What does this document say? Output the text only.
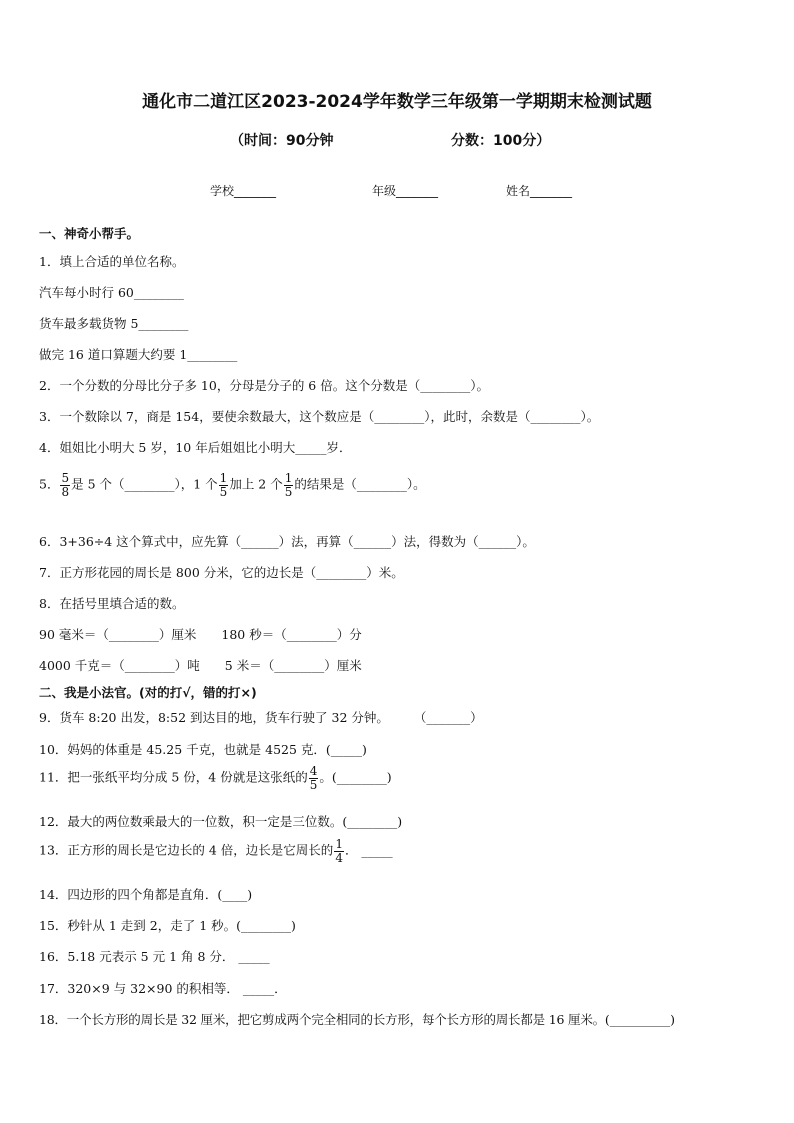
通化市二道江区2023-2024学年数学三年级第一学期期末检测试题
（时间：90分钟	分数：100分）
学校_______	年级_______	姓名_______
一、神奇小帮手。
1．填上合适的单位名称。
汽车每小时行 60________
货车最多载货物 5________
做完 16 道口算题大约要 1________
2．一个分数的分母比分子多 10，分母是分子的 6 倍。这个分数是（________）。
3．一个数除以 7，商是 154，要使余数最大，这个数应是（________），此时，余数是（________）。
4．姐姐比小明大 5 岁，10 年后姐姐比小明大_____岁．
5． $\frac{5}{8}$ 是 5 个（________），1 个 $\frac{1}{5}$ 加上 2 个 $\frac{1}{5}$ 的结果是（________）。
6．3+36÷4 这个算式中，应先算（______）法，再算（______）法，得数为（______）。
7．正方形花园的周长是 800 分米，它的边长是（________）米。
8．在括号里填合适的数。
90 毫米＝（________）厘米　　180 秒＝（________）分
4000 千克＝（________）吨　　5 米＝（________）厘米
二、我是小法官。(对的打√，错的打×)
9．货车 8:20 出发，8:52 到达目的地，货车行驶了 32 分钟。　　　（_______）
10．妈妈的体重是 45.25 千克，也就是 4525 克．(_____)
11．把一张纸平均分成 5 份，4 份就是这张纸的 $\frac{4}{5}$ 。(________)
12．最大的两位数乘最大的一位数，积一定是三位数。(________)
13．正方形的周长是它边长的 4 倍，边长是它周长的 $\frac{1}{4}$ ． _____
14．四边形的四个角都是直角．(____)
15．秒针从 1 走到 2，走了 1 秒。(________)
16．5.18 元表示 5 元 1 角 8 分． _____
17．320×9 与 32×90 的积相等． _____．
18．一个长方形的周长是 32 厘米，把它剪成两个完全相同的长方形，每个长方形的周长都是 16 厘米。(__________)
